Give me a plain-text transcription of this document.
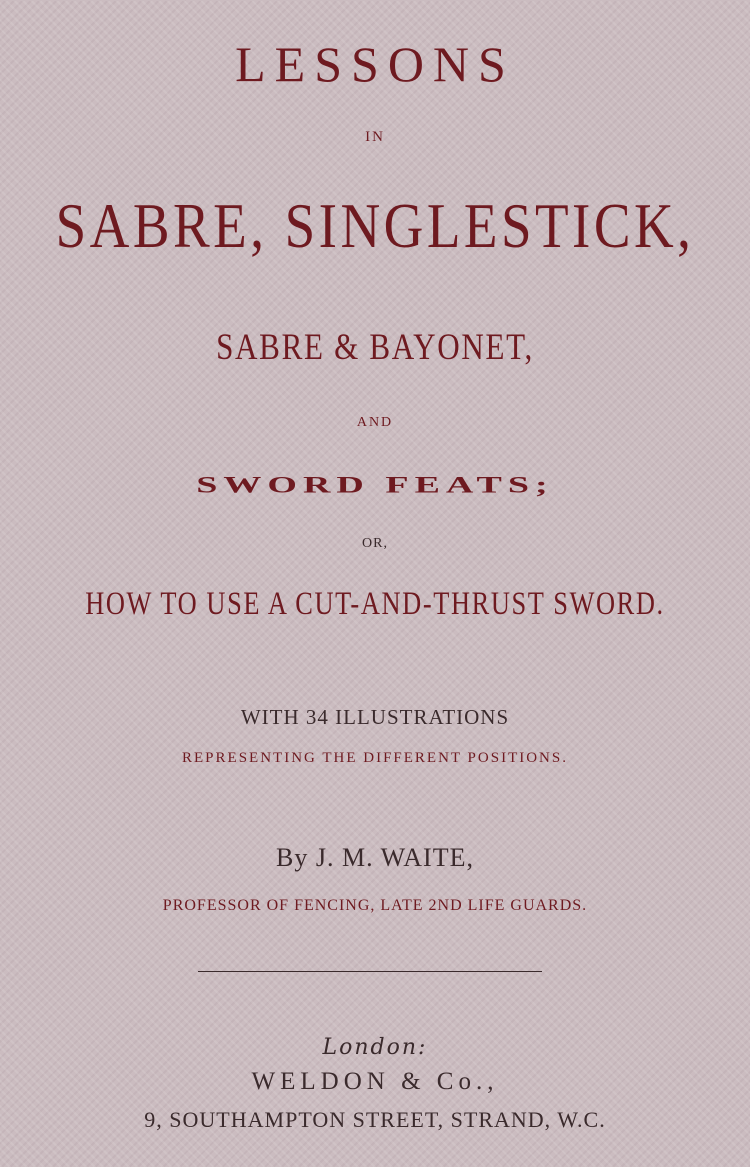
LESSONS

IN

SABRE, SINGLESTICK,

SABRE & BAYONET,

AND

SWORD FEATS;

OR,

HOW TO USE A CUT-AND-THRUST SWORD.

WITH 34 ILLUSTRATIONS

REPRESENTING THE DIFFERENT POSITIONS.

By J. M. WAITE,

PROFESSOR OF FENCING, LATE 2ND LIFE GUARDS.

London:

WELDON & Co.,

9, SOUTHAMPTON STREET, STRAND, W.C.
